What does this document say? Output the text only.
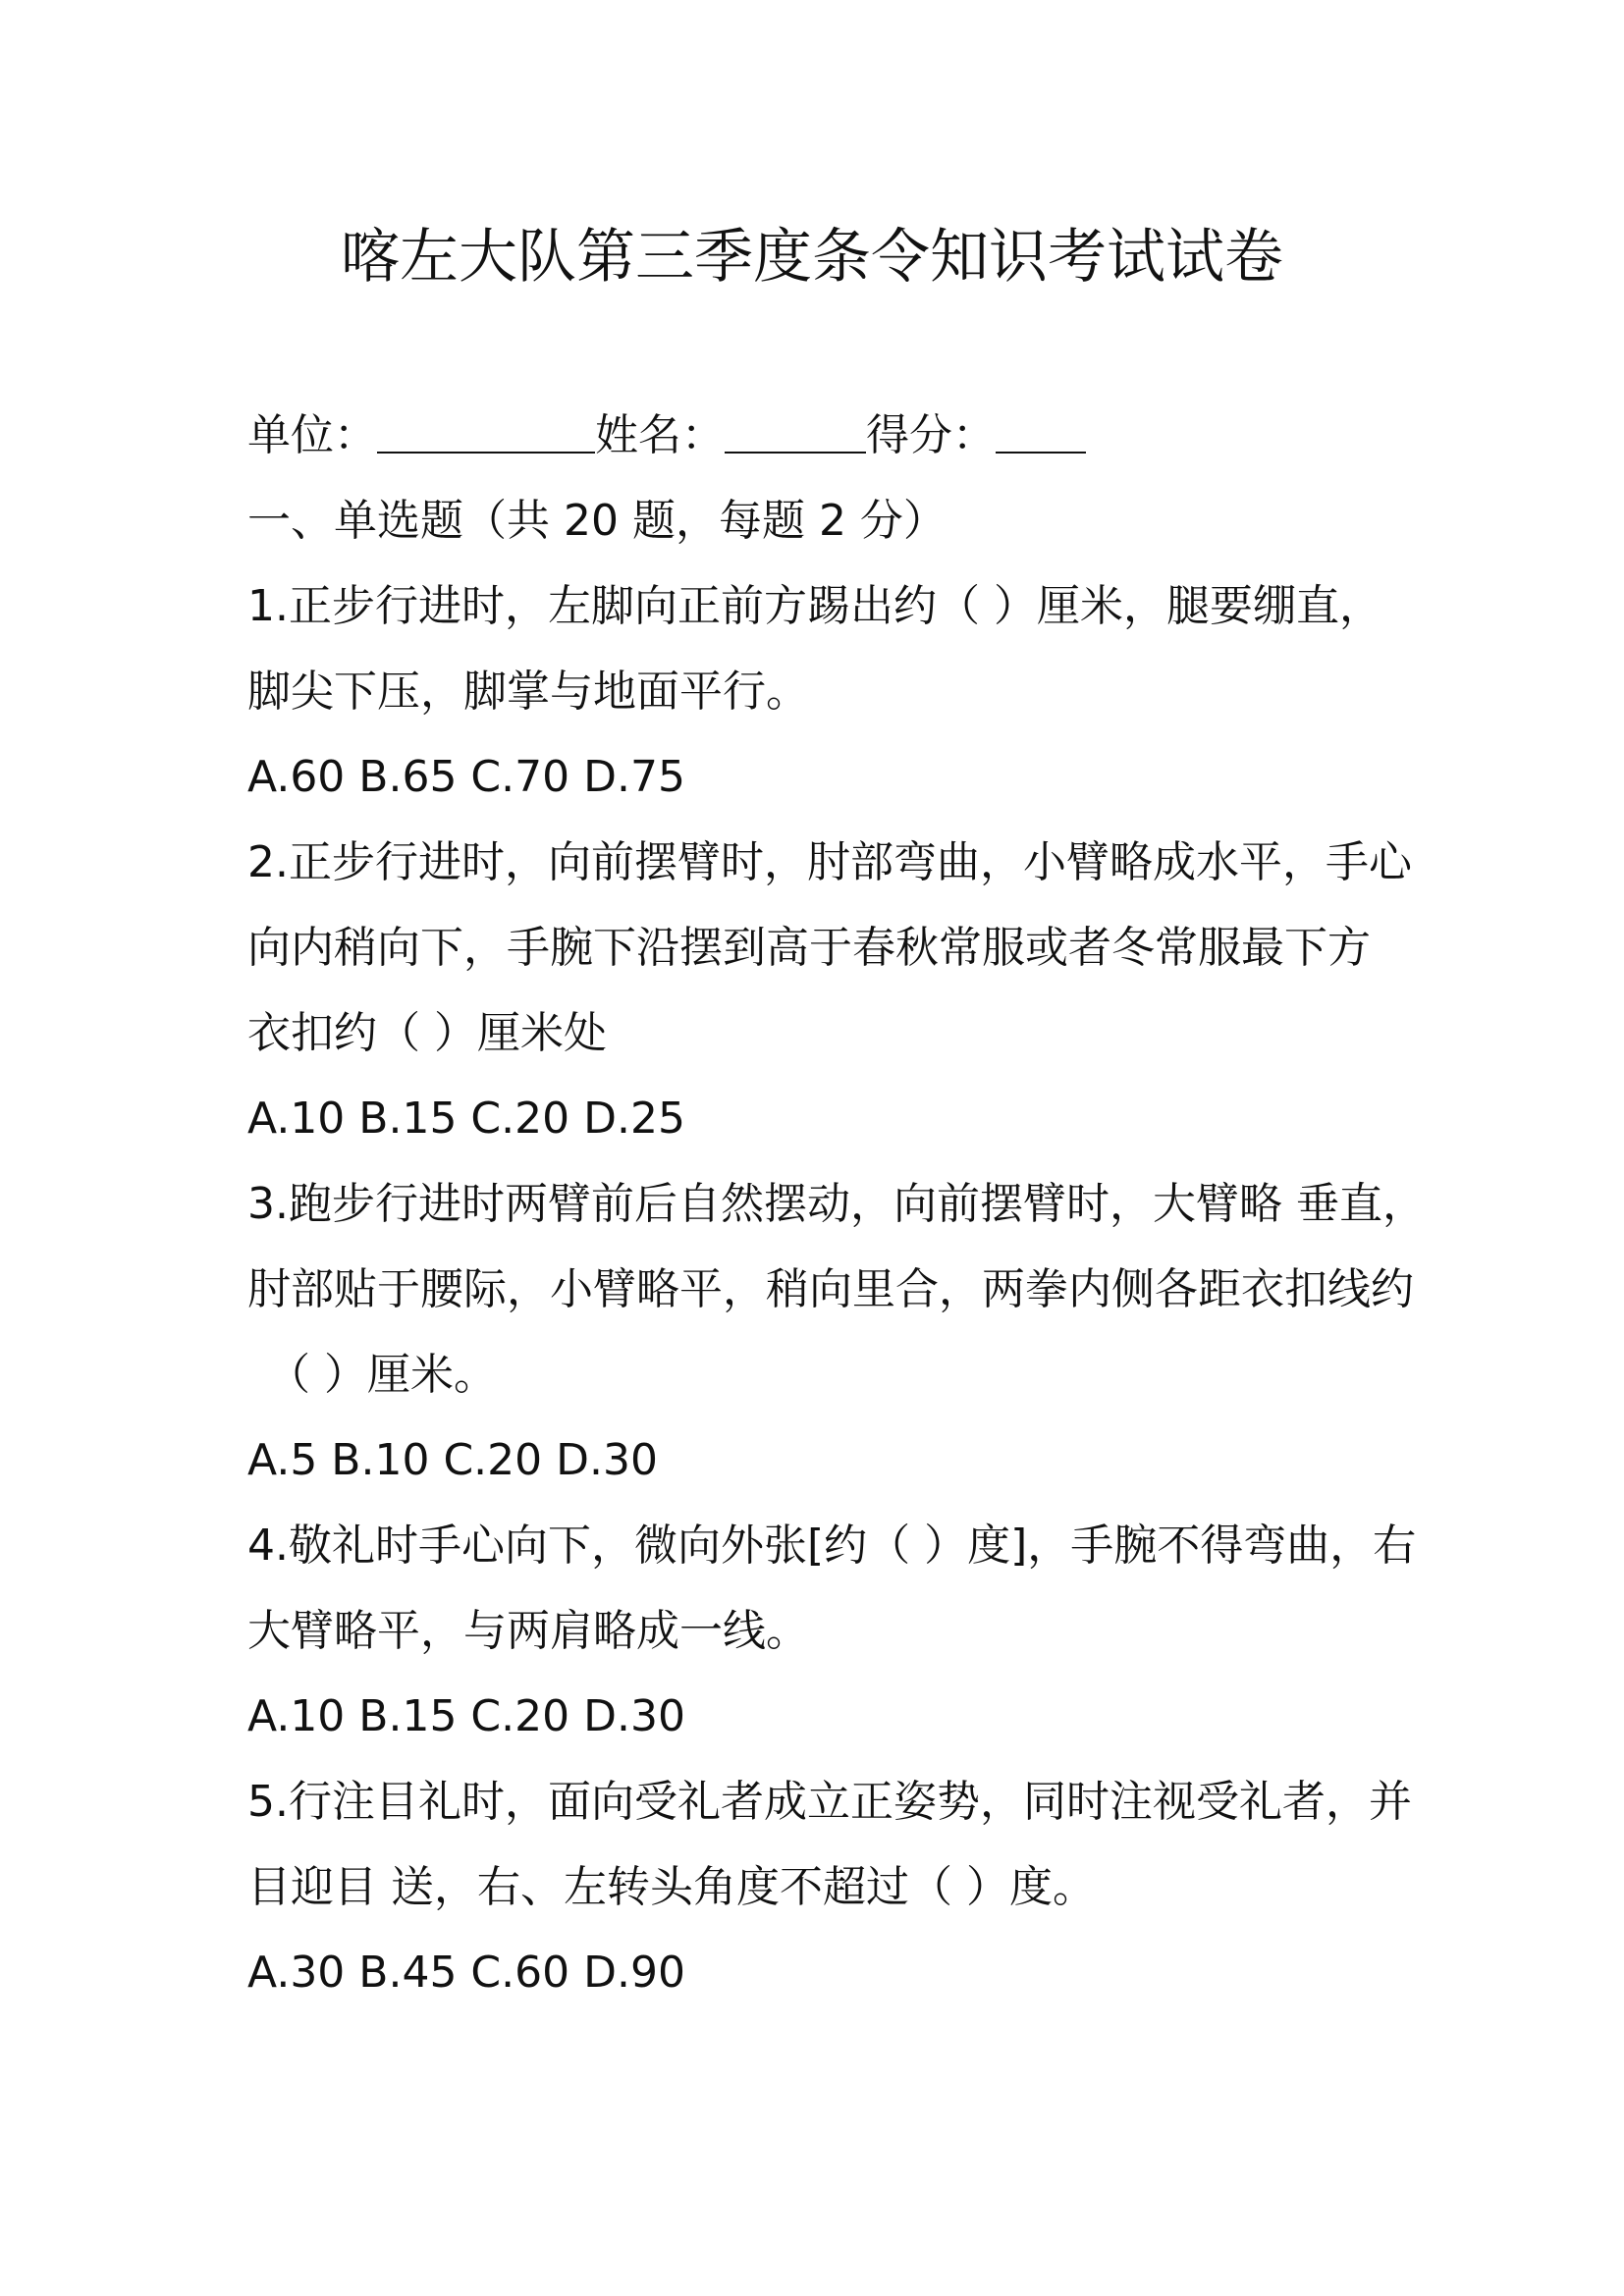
喀左大队第三季度条令知识考试试卷
单位：	姓名：	得分：
一、单选题（共 20 题，每题 2 分）
1.正步行进时，左脚向正前方踢出约（ ）厘米，腿要绷直，
脚尖下压，脚掌与地面平行。
A.60 B.65 C.70 D.75
2.正步行进时，向前摆臂时，肘部弯曲，小臂略成水平，手心
向内稍向下，手腕下沿摆到高于春秋常服或者冬常服最下方
衣扣约（ ）厘米处
A.10 B.15 C.20 D.25
3.跑步行进时两臂前后自然摆动，向前摆臂时，大臂略 垂直，
肘部贴于腰际，小臂略平，稍向里合，两拳内侧各距衣扣线约
（ ）厘米。
A.5 B.10 C.20 D.30
4.敬礼时手心向下，微向外张[约（ ）度]，手腕不得弯曲，右
大臂略平，与两肩略成一线。
A.10 B.15 C.20 D.30
5.行注目礼时，面向受礼者成立正姿势，同时注视受礼者，并
目迎目 送，右、左转头角度不超过（ ）度。
A.30 B.45 C.60 D.90
